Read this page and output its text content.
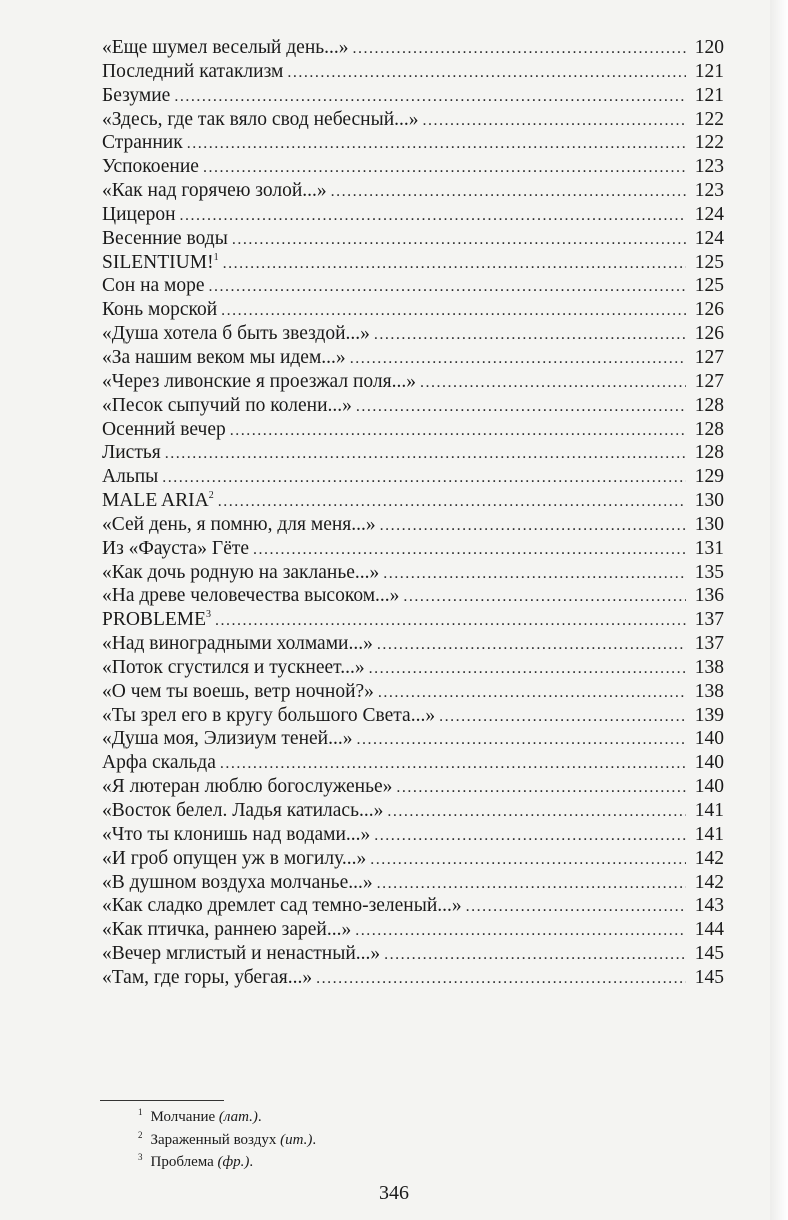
«Еще шумел веселый день...» .....	120
Последний катаклизм .....	121
Безумие .....	121
«Здесь, где так вяло свод небесный...» .....	122
Странник .....	122
Успокоение .....	123
«Как над горячею золой...» .....	123
Цицерон .....	124
Весенние воды .....	124
SILENTIUM!$^1$ .....	125
Сон на море .....	125
Конь морской .....	126
«Душа хотела б быть звездой...» .....	126
«За нашим веком мы идем...» .....	127
«Через ливонские я проезжал поля...» .....	127
«Песок сыпучий по колени...» .....	128
Осенний вечер .....	128
Листья .....	128
Альпы .....	129
MALE ARIA$^2$ .....	130
«Сей день, я помню, для меня...» .....	130
Из «Фауста» Гёте .....	131
«Как дочь родную на закланье...» .....	135
«На древе человечества высоком...» .....	136
PROBLEME$^3$ .....	137
«Над виноградными холмами...» .....	137
«Поток сгустился и тускнеет...» .....	138
«О чем ты воешь, ветр ночной?» .....	138
«Ты зрел его в кругу большого Света...» .....	139
«Душа моя, Элизиум теней...» .....	140
Арфа скальда .....	140
«Я лютеран люблю богослуженье» .....	140
«Восток белел. Ладья катилась...» .....	141
«Что ты клонишь над водами...» .....	141
«И гроб опущен уж в могилу...» .....	142
«В душном воздуха молчанье...» .....	142
«Как сладко дремлет сад темно-зеленый...» .....	143
«Как птичка, раннею зарей...» .....	144
«Вечер мглистый и ненастный...» .....	145
«Там, где горы, убегая...» .....	145
$^1$ Молчание (лат.).
$^2$ Зараженный воздух (ит.).
$^3$ Проблема (фр.).
346
